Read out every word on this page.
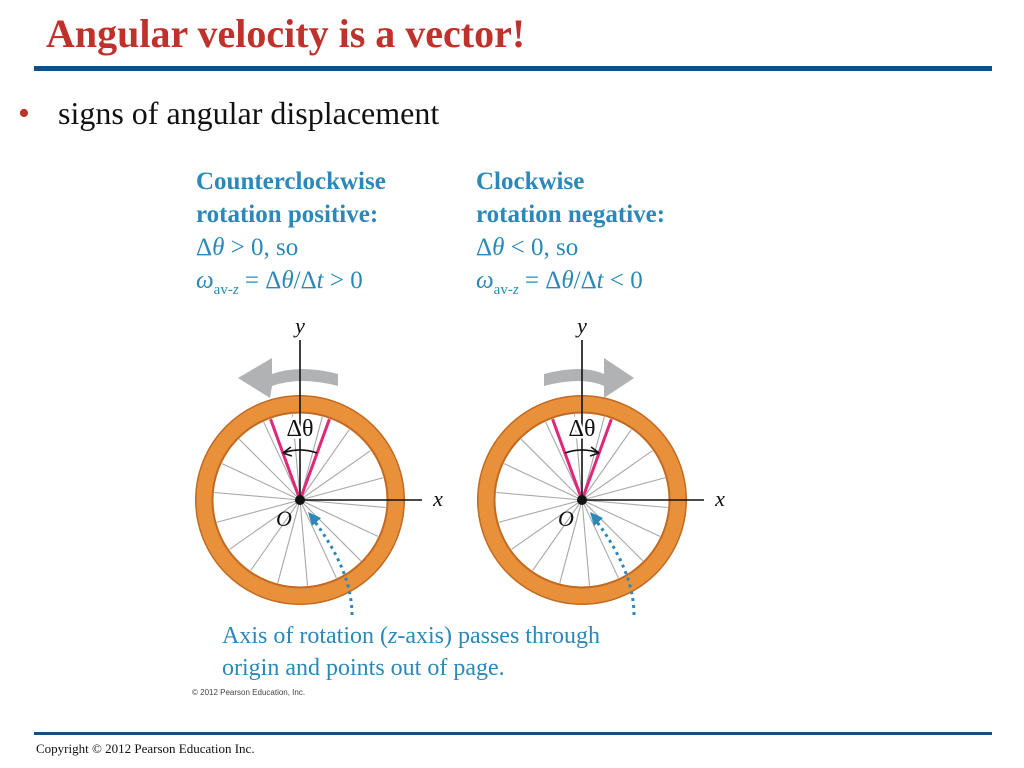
Angular velocity is a vector!
• signs of angular displacement
Counterclockwise
rotation positive:
Δθ > 0, so
$\omega_{av-z} = \Delta\theta/\Delta t > 0$
Clockwise
rotation negative:
Δθ < 0, so
$\omega_{av-z} = \Delta\theta/\Delta t < 0$
y
x
O
Δθ
y
x
O
Δθ
Axis of rotation (z-axis) passes through
origin and points out of page.
© 2012 Pearson Education, Inc.
Copyright © 2012 Pearson Education Inc.
